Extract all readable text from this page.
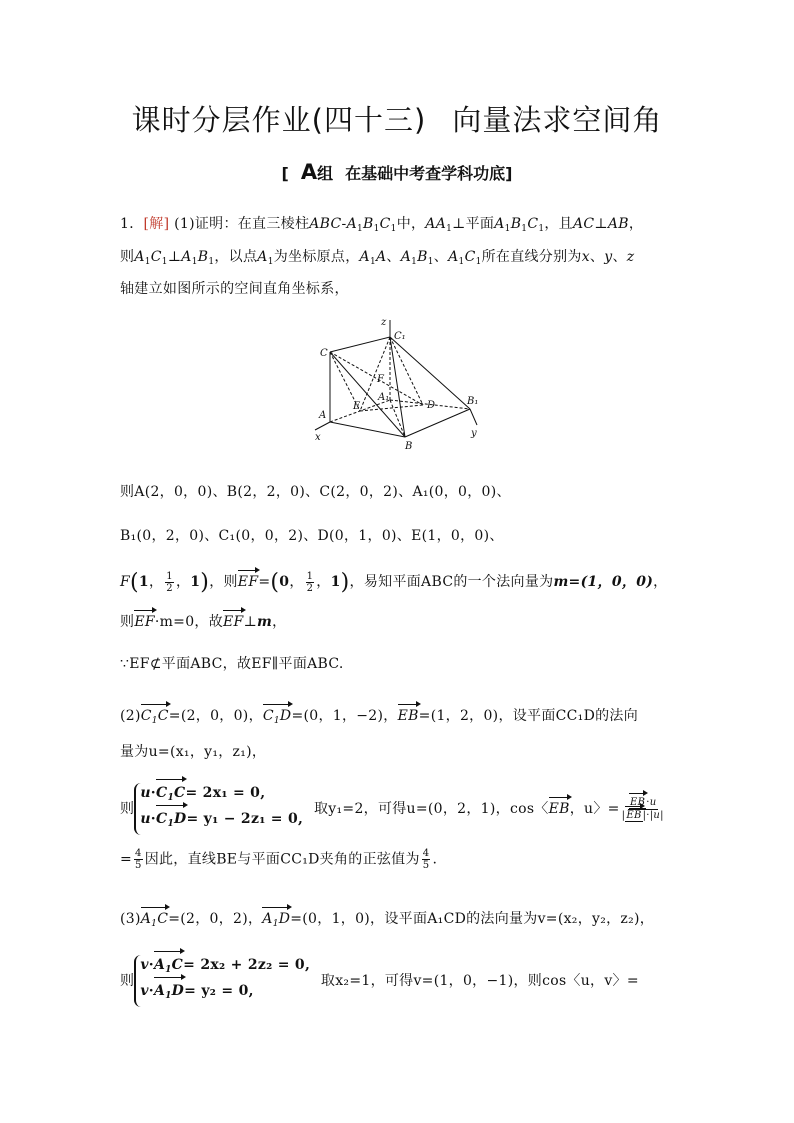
课时分层作业(四十三) 向量法求空间角
[ A组 在基础中考查学科功底]
1．[解] (1)证明：在直三棱柱ABC-$A_1B_1C_1$中，$AA_1\perp$平面$A_1B_1C_1$，且AC⊥AB，
则$A_1C_1\perp A_1B_1$，以点$A_1$为坐标原点，$A_1A$、$A_1B_1$、$A_1C_1$所在直线分别为x、y、z
轴建立如图所示的空间直角坐标系，
z
C₁
C
F
A₁
E	D	B₁
A
x
B
y
则A(2，0，0)、B(2，2，0)、C(2，0，2)、A₁(0，0，0)、
B₁(0，2，0)、C₁(0，0，2)、D(0，1，0)、E(1，0，0)、
F(1， $\frac{1}{2}$ ，1)，则EF=(0， $\frac{1}{2}$ ，1)，易知平面ABC的一个法向量为m=(1，0，0)，
则EF·m=0，故EF⊥m，
∵EF⊄平面ABC，故EF∥平面ABC.
$(2)C_1C=(2$，0，0)，$C_1D=(0$，1，−2)，EB=(1，2，0)，设平面CC₁D的法向
量为u=(x₁，y₁，z₁)，
则
$u\cdot C_1C= 2x_1 = 0$,
$u\cdot C_1D= y_1 - 2z_1 = 0$,
取y₁=2，可得u=(0，2，1)，cos〈EB，u〉= $\frac{EB\cdot u}{|EB|\cdot|u|}$
= $\frac{4}{5}$ 因此，直线BE与平面CC₁D夹角的正弦值为 $\frac{4}{5}$ .
$(3)A_1C=(2$，0，2)，$A_1D=(0$，1，0)，设平面A₁CD的法向量为v=(x₂，y₂，z₂)，
则
$v\cdot A_1C= 2x_2 + 2z_2 = 0$,
$v\cdot A_1D= y_2 = 0$,
取x₂=1，可得v=(1，0，−1)，则cos〈u，v〉=
